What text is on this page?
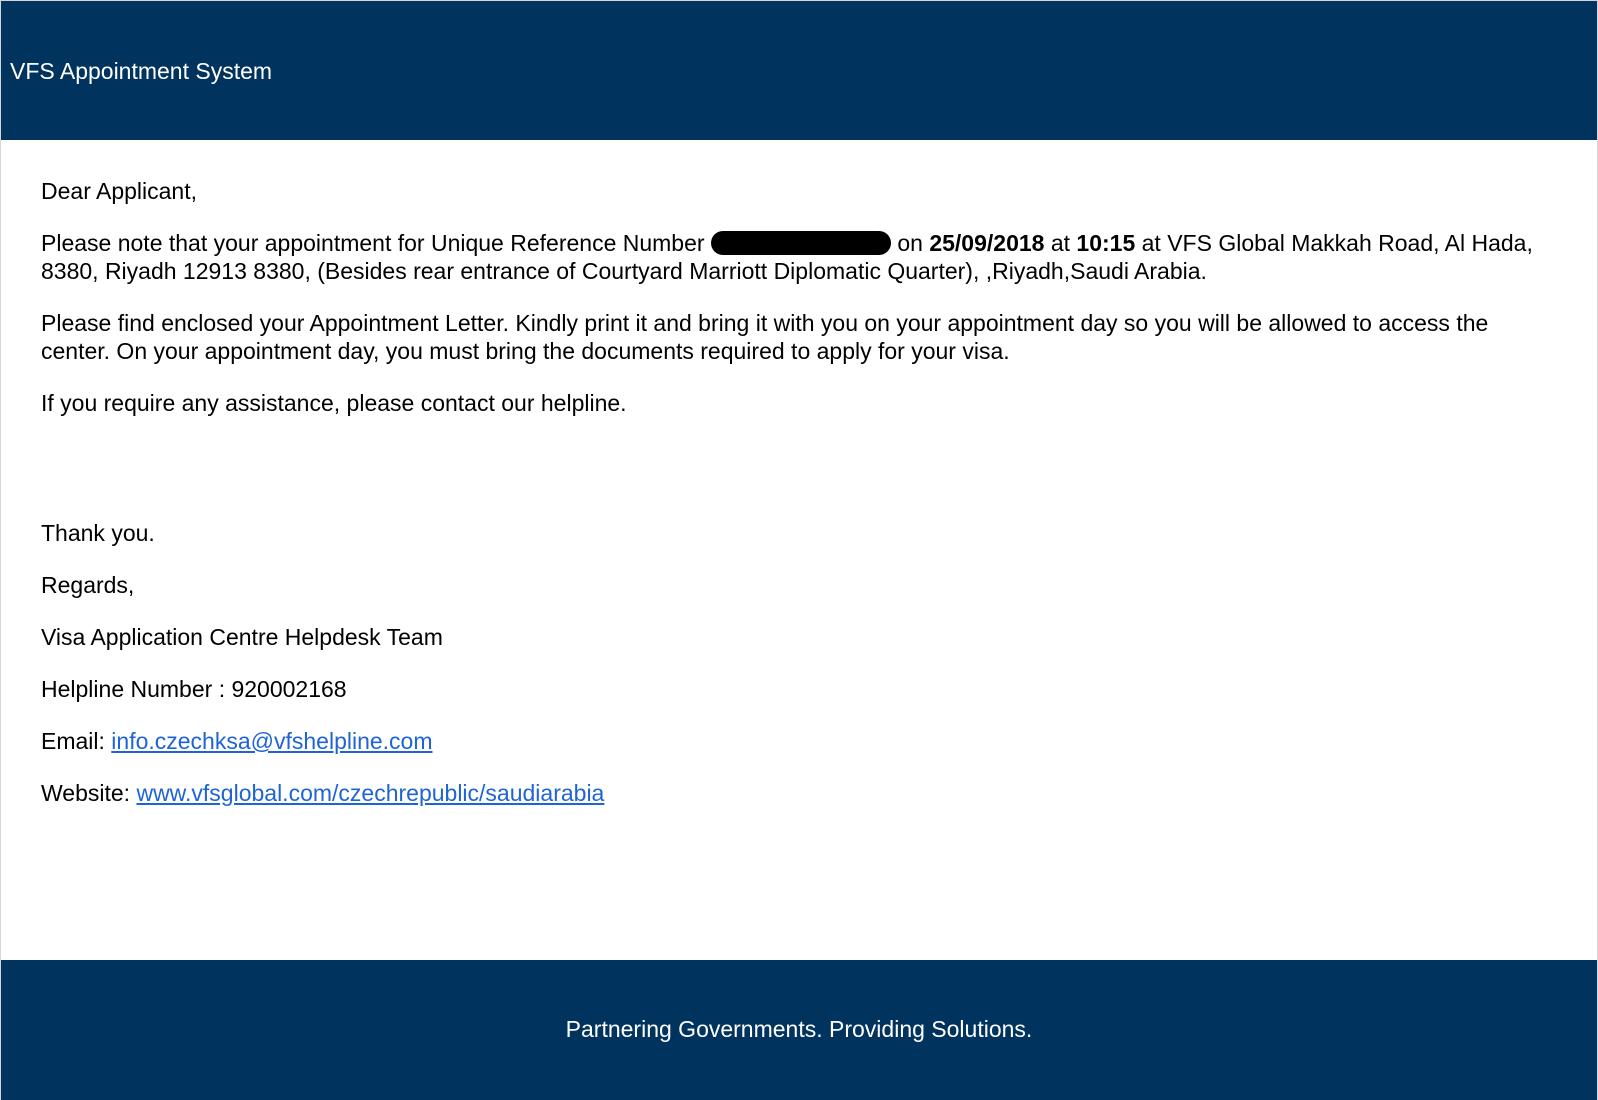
VFS Appointment System

Dear Applicant,

Please note that your appointment for Unique Reference Number	on 25/09/2018 at 10:15 at VFS Global Makkah Road, Al Hada, 8380, Riyadh 12913 8380, (Besides rear entrance of Courtyard Marriott Diplomatic Quarter), ,Riyadh,Saudi Arabia.

Please find enclosed your Appointment Letter. Kindly print it and bring it with you on your appointment day so you will be allowed to access the center. On your appointment day, you must bring the documents required to apply for your visa.

If you require any assistance, please contact our helpline.

Thank you.

Regards,

Visa Application Centre Helpdesk Team

Helpline Number : 920002168

Email: info.czechksa@vfshelpline.com

Website: www.vfsglobal.com/czechrepublic/saudiarabia

Partnering Governments. Providing Solutions.
